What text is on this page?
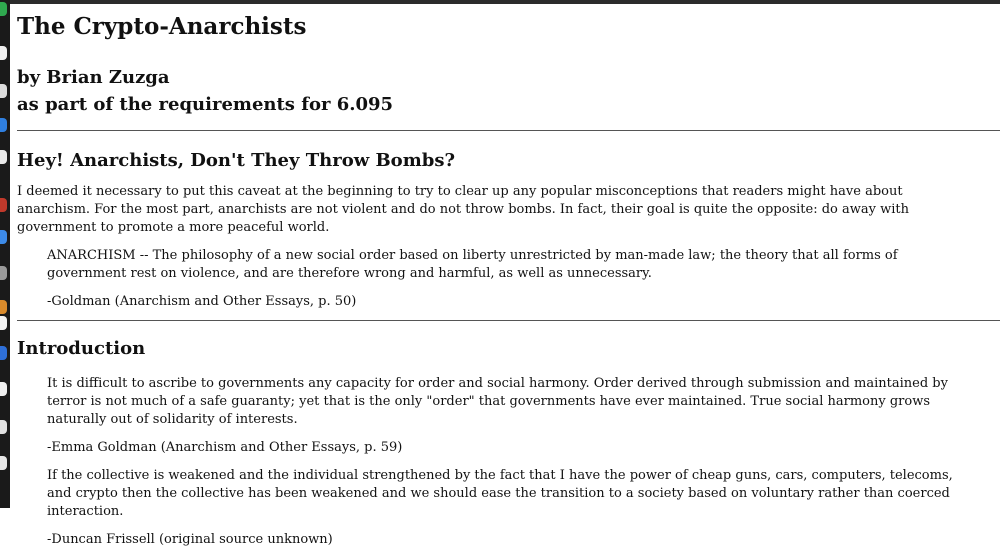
The Crypto-Anarchists
by Brian Zuzga
as part of the requirements for 6.095
Hey! Anarchists, Don't They Throw Bombs?

I deemed it necessary to put this caveat at the beginning to try to clear up any popular misconceptions that readers might have about anarchism. For the most part, anarchists are not violent and do not throw bombs. In fact, their goal is quite the opposite: do away with government to promote a more peaceful world.

ANARCHISM -- The philosophy of a new social order based on liberty unrestricted by man-made law; the theory that all forms of government rest on violence, and are therefore wrong and harmful, as well as unnecessary.

-Goldman (Anarchism and Other Essays, p. 50)

Introduction

It is difficult to ascribe to governments any capacity for order and social harmony. Order derived through submission and maintained by terror is not much of a safe guaranty; yet that is the only "order" that governments have ever maintained. True social harmony grows naturally out of solidarity of interests.

-Emma Goldman (Anarchism and Other Essays, p. 59)

If the collective is weakened and the individual strengthened by the fact that I have the power of cheap guns, cars, computers, telecoms, and crypto then the collective has been weakened and we should ease the transition to a society based on voluntary rather than coerced interaction.

-Duncan Frissell (original source unknown)
